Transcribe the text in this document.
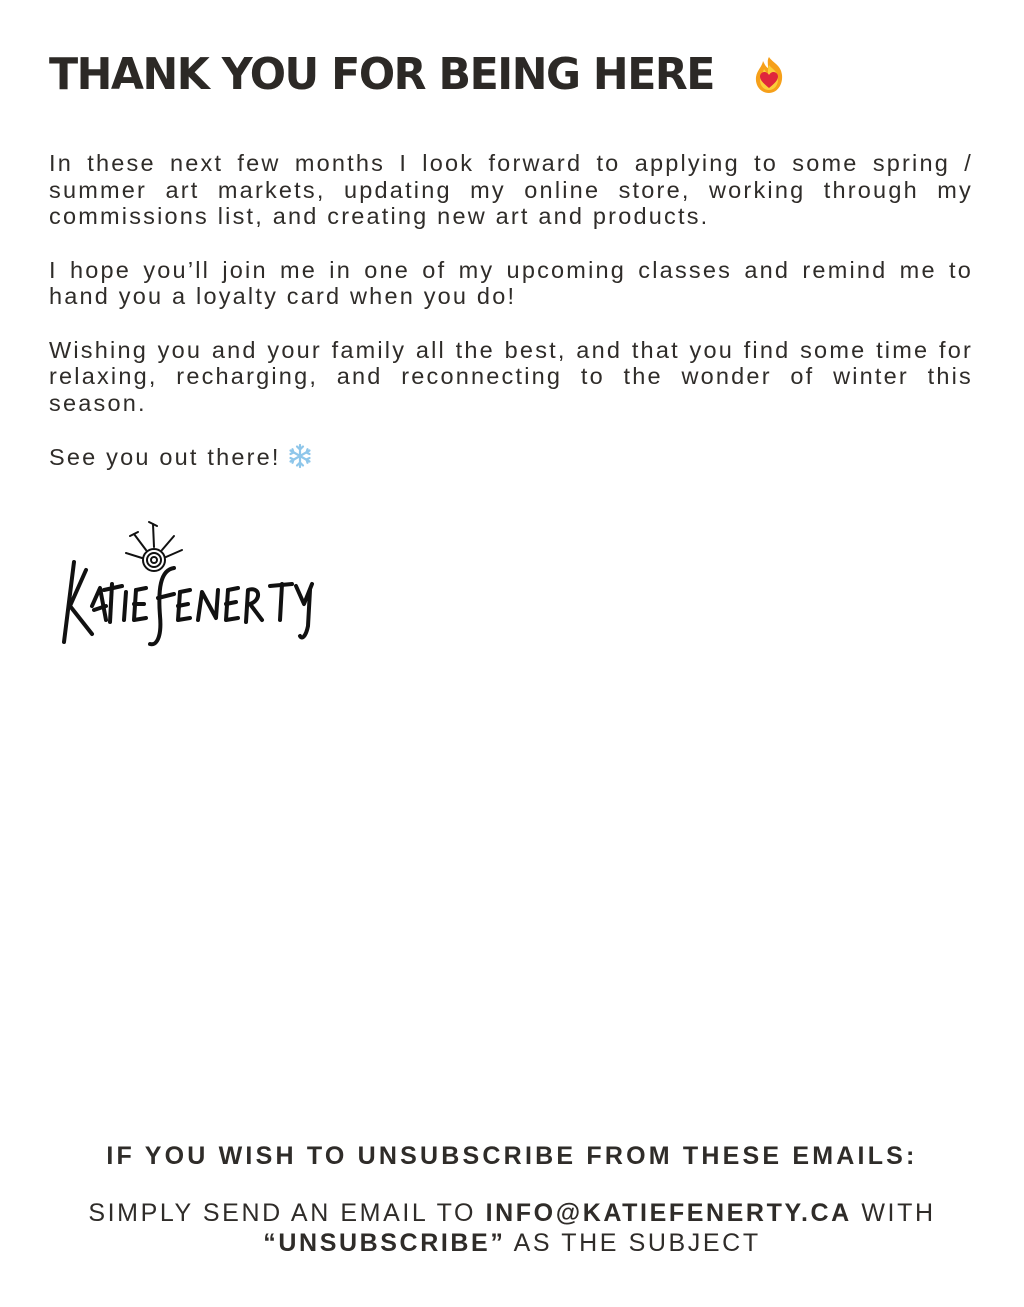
THANK YOU FOR BEING HERE

In these next few months I look forward to applying to some spring / summer art markets, updating my online store, working through my commissions list, and creating new art and products.

I hope you’ll join me in one of my upcoming classes and remind me to hand you a loyalty card when you do!

Wishing you and your family all the best, and that you find some time for relaxing, recharging, and reconnecting to the wonder of winter this season.

See you out there!

IF YOU WISH TO UNSUBSCRIBE FROM THESE EMAILS:
SIMPLY SEND AN EMAIL TO INFO@KATIEFENERTY.CA WITH
“UNSUBSCRIBE” AS THE SUBJECT
